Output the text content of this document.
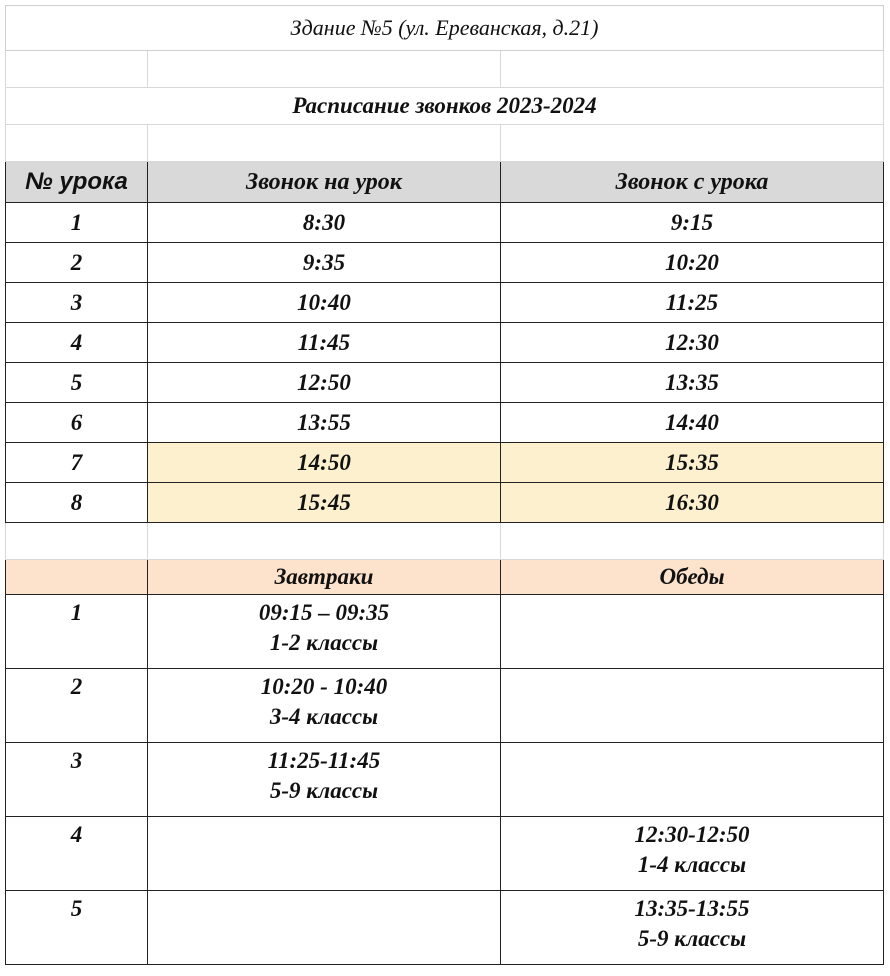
Здание №5 (ул. Ереванская, д.21)		

Расписание звонков 2023-2024		

№ урока	Звонок на урок	Звонок с урока
1	8:30	9:15
2	9:35	10:20
3	10:40	11:25
4	11:45	12:30
5	12:50	13:35
6	13:55	14:40
7	14:50	15:35
8	15:45	16:30

	Завтраки	Обеды
1	09:15 – 09:35
1-2 классы	

2	10:20 - 10:40
3-4 классы	

3	11:25-11:45
5-9 классы	

4		12:30-12:50
1-4 классы

5		13:35-13:55
5-9 классы
